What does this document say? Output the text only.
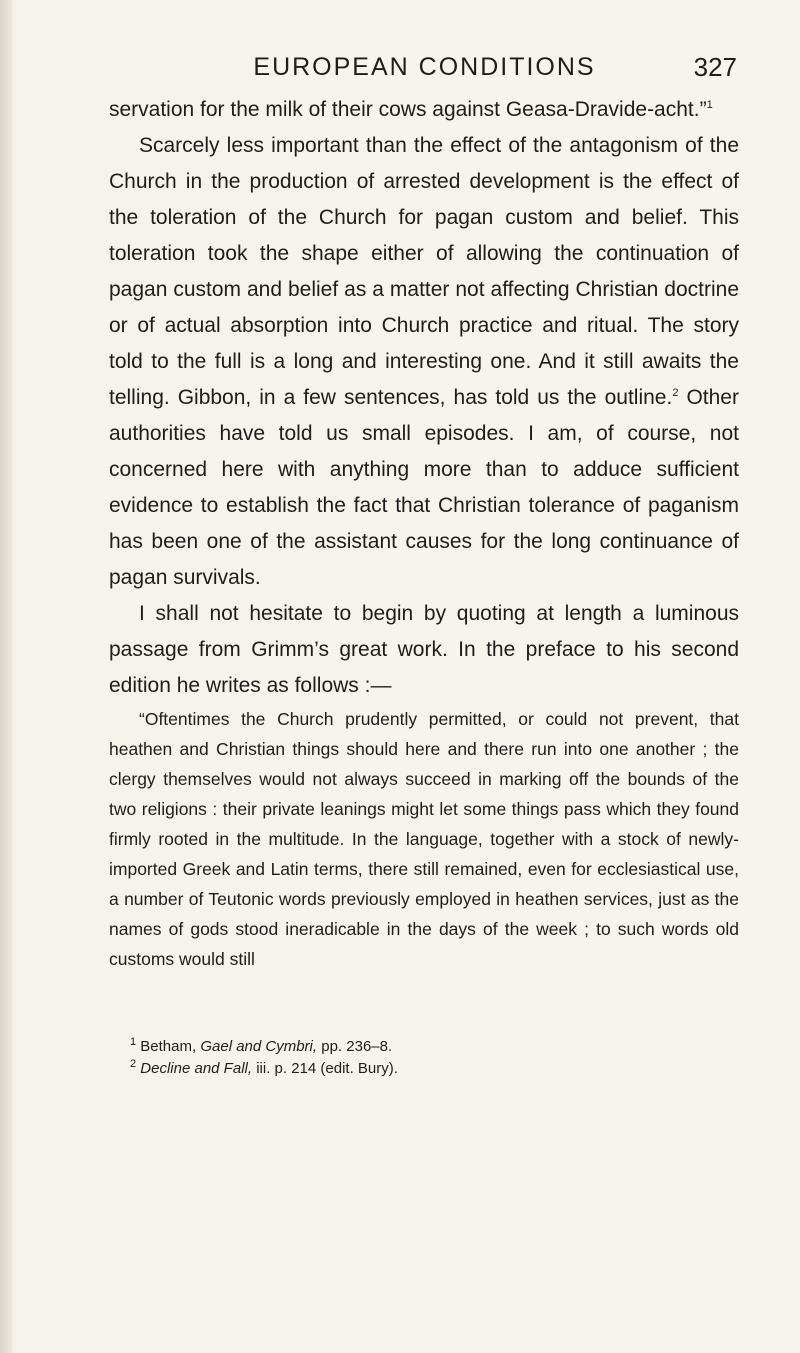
EUROPEAN CONDITIONS	327

servation for the milk of their cows against Geasa-Dravide-acht.”$^1$

Scarcely less important than the effect of the antagonism of the Church in the production of arrested development is the effect of the toleration of the Church for pagan custom and belief. This toleration took the shape either of allowing the continuation of pagan custom and belief as a matter not affecting Christian doctrine or of actual absorption into Church practice and ritual. The story told to the full is a long and interesting one. And it still awaits the telling. Gibbon, in a few sentences, has told us the outline.$^2$ Other authorities have told us small episodes. I am, of course, not concerned here with anything more than to adduce sufficient evidence to establish the fact that Christian tolerance of paganism has been one of the assistant causes for the long continuance of pagan survivals.

I shall not hesitate to begin by quoting at length a luminous passage from Grimm’s great work. In the preface to his second edition he writes as follows :—

“Oftentimes the Church prudently permitted, or could not prevent, that heathen and Christian things should here and there run into one another ; the clergy themselves would not always succeed in marking off the bounds of the two religions : their private leanings might let some things pass which they found firmly rooted in the multitude. In the language, together with a stock of newly-imported Greek and Latin terms, there still remained, even for ecclesiastical use, a number of Teutonic words previously employed in heathen services, just as the names of gods stood ineradicable in the days of the week ; to such words old customs would still

$^1$ Betham, Gael and Cymbri, pp. 236–8.

$^2$ Decline and Fall, iii. p. 214 (edit. Bury).
